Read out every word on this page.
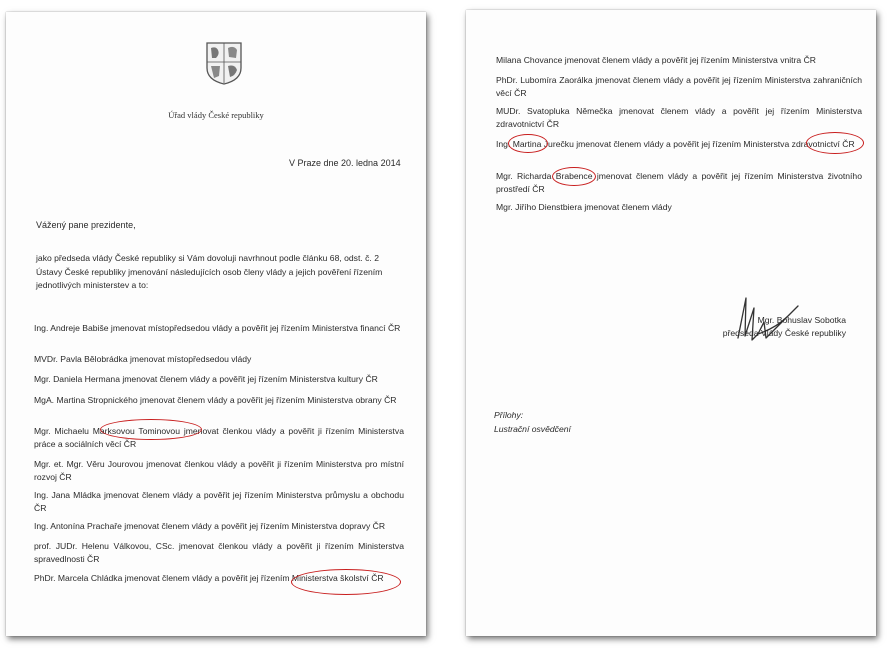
Úřad vlády České republiky
V Praze dne 20. ledna 2014
Vážený pane prezidente,
jako předseda vlády České republiky si Vám dovoluji navrhnout podle článku 68, odst. č. 2 Ústavy České republiky jmenování následujících osob členy vlády a jejich pověření řízením jednotlivých ministerstev a to:
Ing. Andreje Babiše jmenovat místopředsedou vlády a pověřit jej řízením Ministerstva financí ČR
MVDr. Pavla Bělobrádka jmenovat místopředsedou vlády
Mgr. Daniela Hermana jmenovat členem vlády a pověřit jej řízením Ministerstva kultury ČR
MgA. Martina Stropnického jmenovat členem vlády a pověřit jej řízením Ministerstva obrany ČR
Mgr. Michaelu Marksovou Tominovou jmenovat členkou vlády a pověřit ji řízením Ministerstva práce a sociálních věcí ČR
Mgr. et. Mgr. Věru Jourovou jmenovat členkou vlády a pověřit ji řízením Ministerstva pro místní rozvoj ČR
Ing. Jana Mládka jmenovat členem vlády a pověřit jej řízením Ministerstva průmyslu a obchodu ČR
Ing. Antonína Prachaře jmenovat členem vlády a pověřit jej řízením Ministerstva dopravy ČR
prof. JUDr. Helenu Válkovou, CSc. jmenovat členkou vlády a pověřit ji řízením Ministerstva spravedlnosti ČR
PhDr. Marcela Chládka jmenovat členem vlády a pověřit jej řízením Ministerstva školství ČR
Milana Chovance jmenovat členem vlády a pověřit jej řízením Ministerstva vnitra ČR
PhDr. Lubomíra Zaorálka jmenovat členem vlády a pověřit jej řízením Ministerstva zahraničních věcí ČR
MUDr. Svatopluka Němečka jmenovat členem vlády a pověřit jej řízením Ministerstva zdravotnictví ČR
Ing. Martina Jurečku jmenovat členem vlády a pověřit jej řízením Ministerstva zdravotnictví ČR
Mgr. Richarda Brabence jmenovat členem vlády a pověřit jej řízením Ministerstva životního prostředí ČR
Mgr. Jiřího Dienstbiera jmenovat členem vlády
Mgr. Bohuslav Sobotka
předseda Vlády České republiky
Přílohy:
Lustrační osvědčení
